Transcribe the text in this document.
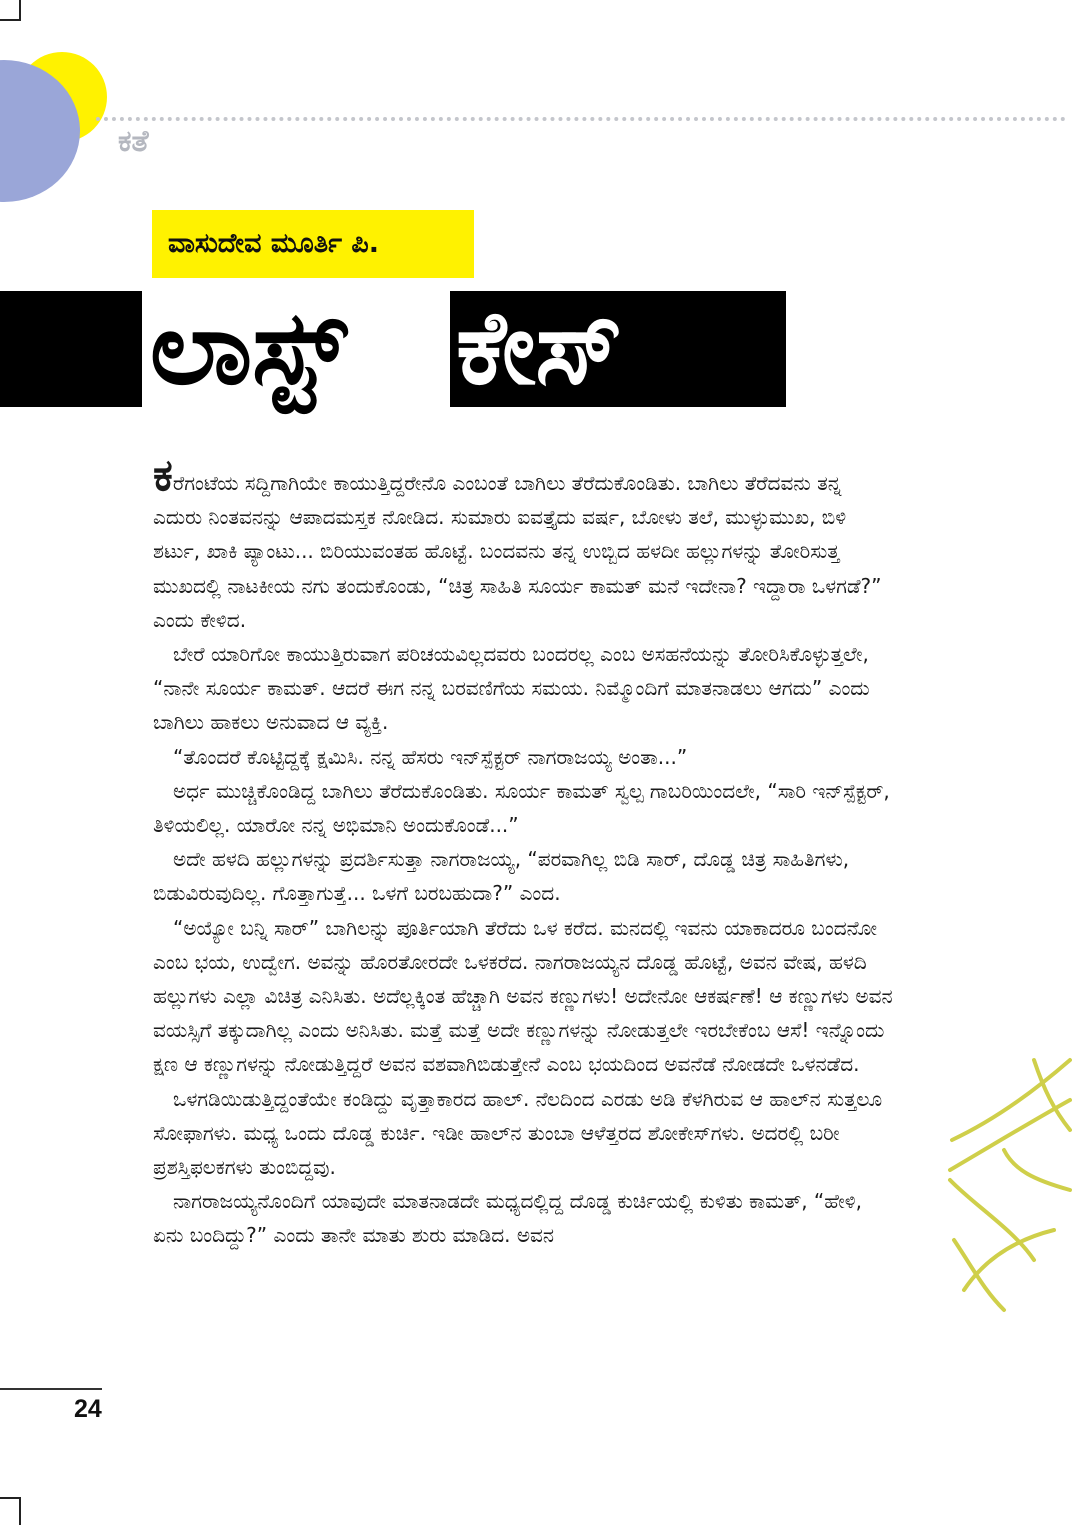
ಕತೆ
ವಾಸುದೇವ ಮೂರ್ತಿ ಪಿ.
ಲಾಸ್ಟ್ ಕೇಸ್

ಕರೆಗಂಟೆಯ ಸದ್ದಿಗಾಗಿಯೇ ಕಾಯುತ್ತಿದ್ದರೇನೊ ಎಂಬಂತೆ ಬಾಗಿಲು ತೆರೆದುಕೊಂಡಿತು. ಬಾಗಿಲು ತೆರೆದವನು ತನ್ನ ಎದುರು ನಿಂತವನನ್ನು ಆಪಾದಮಸ್ತಕ ನೋಡಿದ. ಸುಮಾರು ಐವತ್ತೈದು ವರ್ಷ, ಬೋಳು ತಲೆ, ಮುಳ್ಳುಮುಖ, ಬಿಳಿ ಶರ್ಟು, ಖಾಕಿ ಪ್ಯಾಂಟು... ಬಿರಿಯುವಂತಹ ಹೊಟ್ಟೆ. ಬಂದವನು ತನ್ನ ಉಬ್ಬಿದ ಹಳದೀ ಹಲ್ಲುಗಳನ್ನು ತೋರಿಸುತ್ತ ಮುಖದಲ್ಲಿ ನಾಟಕೀಯ ನಗು ತಂದುಕೊಂಡು, “ಚಿತ್ರ ಸಾಹಿತಿ ಸೂರ್ಯ ಕಾಮತ್ ಮನೆ ಇದೇನಾ? ಇದ್ದಾರಾ ಒಳಗಡೆ?” ಎಂದು ಕೇಳಿದ.

ಬೇರೆ ಯಾರಿಗೋ ಕಾಯುತ್ತಿರುವಾಗ ಪರಿಚಯವಿಲ್ಲದವರು ಬಂದರಲ್ಲ ಎಂಬ ಅಸಹನೆಯನ್ನು ತೋರಿಸಿಕೊಳ್ಳುತ್ತಲೇ, “ನಾನೇ ಸೂರ್ಯ ಕಾಮತ್. ಆದರೆ ಈಗ ನನ್ನ ಬರವಣಿಗೆಯ ಸಮಯ. ನಿಮ್ಮೊಂದಿಗೆ ಮಾತನಾಡಲು ಆಗದು” ಎಂದು ಬಾಗಿಲು ಹಾಕಲು ಅನುವಾದ ಆ ವ್ಯಕ್ತಿ.

“ತೊಂದರೆ ಕೊಟ್ಟಿದ್ದಕ್ಕೆ ಕ್ಷಮಿಸಿ. ನನ್ನ ಹೆಸರು ಇನ್‌ಸ್ಪೆಕ್ಟರ್ ನಾಗರಾಜಯ್ಯ ಅಂತಾ...”

ಅರ್ಧ ಮುಚ್ಚಿಕೊಂಡಿದ್ದ ಬಾಗಿಲು ತೆರೆದುಕೊಂಡಿತು. ಸೂರ್ಯ ಕಾಮತ್ ಸ್ವಲ್ಪ ಗಾಬರಿಯಿಂದಲೇ, “ಸಾರಿ ಇನ್‌ಸ್ಪೆಕ್ಟರ್, ತಿಳಿಯಲಿಲ್ಲ. ಯಾರೋ ನನ್ನ ಅಭಿಮಾನಿ ಅಂದುಕೊಂಡೆ...”

ಅದೇ ಹಳದಿ ಹಲ್ಲುಗಳನ್ನು ಪ್ರದರ್ಶಿಸುತ್ತಾ ನಾಗರಾಜಯ್ಯ, “ಪರವಾಗಿಲ್ಲ ಬಿಡಿ ಸಾರ್, ದೊಡ್ಡ ಚಿತ್ರ ಸಾಹಿತಿಗಳು, ಬಿಡುವಿರುವುದಿಲ್ಲ. ಗೊತ್ತಾಗುತ್ತೆ... ಒಳಗೆ ಬರಬಹುದಾ?” ಎಂದ.

“ಅಯ್ಯೋ ಬನ್ನಿ ಸಾರ್” ಬಾಗಿಲನ್ನು ಪೂರ್ತಿಯಾಗಿ ತೆರೆದು ಒಳ ಕರೆದ. ಮನದಲ್ಲಿ ಇವನು ಯಾಕಾದರೂ ಬಂದನೋ ಎಂಬ ಭಯ, ಉದ್ವೇಗ. ಅವನ್ನು ಹೊರತೋರದೇ ಒಳಕರೆದ. ನಾಗರಾಜಯ್ಯನ ದೊಡ್ಡ ಹೊಟ್ಟೆ, ಅವನ ವೇಷ, ಹಳದಿ ಹಲ್ಲುಗಳು ಎಲ್ಲಾ ವಿಚಿತ್ರ ಎನಿಸಿತು. ಅದೆಲ್ಲಕ್ಕಿಂತ ಹೆಚ್ಚಾಗಿ ಅವನ ಕಣ್ಣುಗಳು! ಅದೇನೋ ಆಕರ್ಷಣೆ! ಆ ಕಣ್ಣುಗಳು ಅವನ ವಯಸ್ಸಿಗೆ ತಕ್ಕುದಾಗಿಲ್ಲ ಎಂದು ಅನಿಸಿತು. ಮತ್ತೆ ಮತ್ತೆ ಅದೇ ಕಣ್ಣುಗಳನ್ನು ನೋಡುತ್ತಲೇ ಇರಬೇಕೆಂಬ ಆಸೆ! ಇನ್ನೊಂದು ಕ್ಷಣ ಆ ಕಣ್ಣುಗಳನ್ನು ನೋಡುತ್ತಿದ್ದರೆ ಅವನ ವಶವಾಗಿಬಿಡುತ್ತೇನೆ ಎಂಬ ಭಯದಿಂದ ಅವನೆಡೆ ನೋಡದೇ ಒಳನಡೆದ.

ಒಳಗಡಿಯಿಡುತ್ತಿದ್ದಂತೆಯೇ ಕಂಡಿದ್ದು ವೃತ್ತಾಕಾರದ ಹಾಲ್. ನೆಲದಿಂದ ಎರಡು ಅಡಿ ಕೆಳಗಿರುವ ಆ ಹಾಲ್‌ನ ಸುತ್ತಲೂ ಸೋಫಾಗಳು. ಮಧ್ಯ ಒಂದು ದೊಡ್ಡ ಕುರ್ಚಿ. ಇಡೀ ಹಾಲ್‌ನ ತುಂಬಾ ಆಳೆತ್ತರದ ಶೋಕೇಸ್‌ಗಳು. ಅದರಲ್ಲಿ ಬರೀ ಪ್ರಶಸ್ತಿಫಲಕಗಳು ತುಂಬಿದ್ದವು.

ನಾಗರಾಜಯ್ಯನೊಂದಿಗೆ ಯಾವುದೇ ಮಾತನಾಡದೇ ಮಧ್ಯದಲ್ಲಿದ್ದ ದೊಡ್ಡ ಕುರ್ಚಿಯಲ್ಲಿ ಕುಳಿತು ಕಾಮತ್, “ಹೇಳಿ, ಏನು ಬಂದಿದ್ದು?” ಎಂದು ತಾನೇ ಮಾತು ಶುರು ಮಾಡಿದ. ಅವನ

24
